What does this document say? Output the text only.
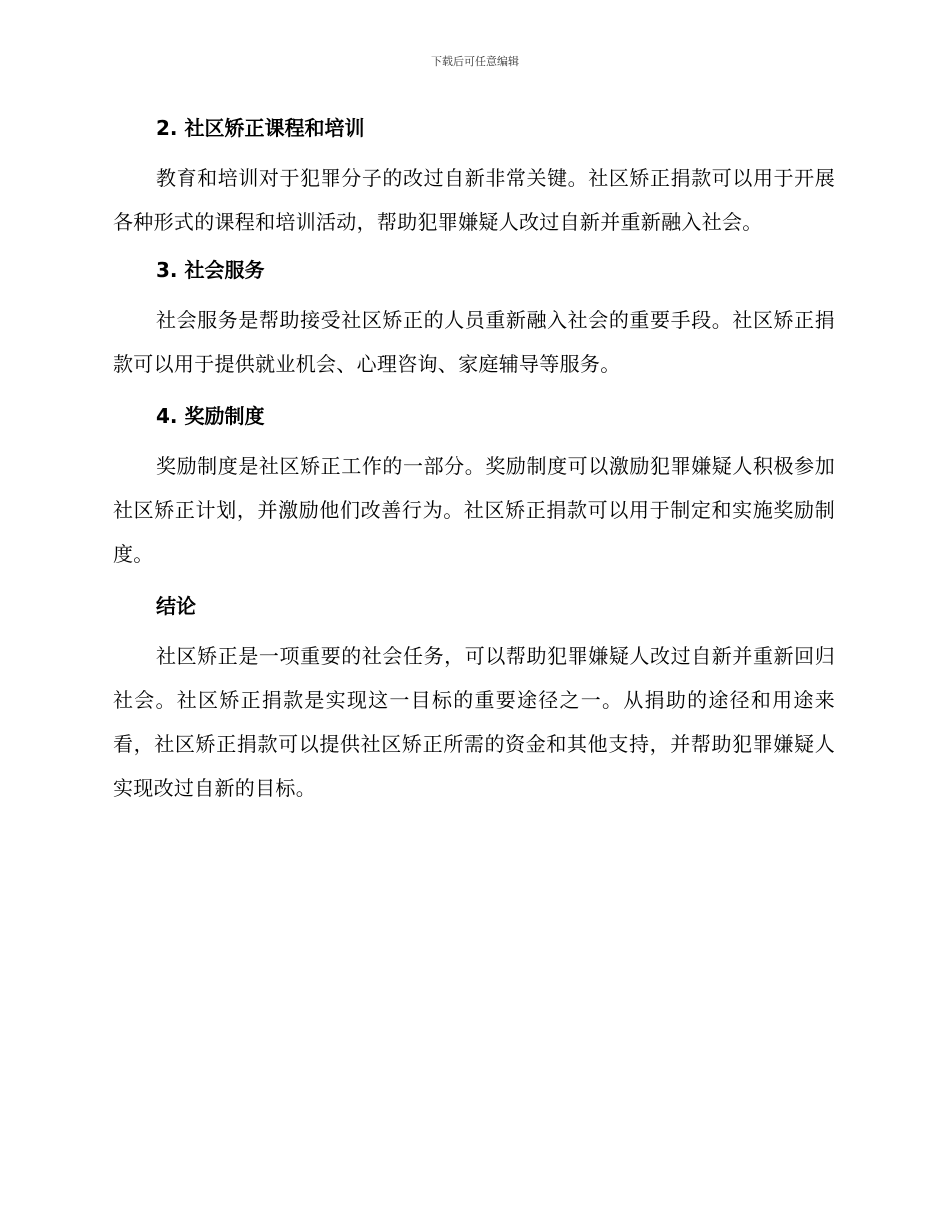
下载后可任意编辑
2. 社区矫正课程和培训

教育和培训对于犯罪分子的改过自新非常关键。社区矫正捐款可以用于开展各种形式的课程和培训活动，帮助犯罪嫌疑人改过自新并重新融入社会。

3. 社会服务

社会服务是帮助接受社区矫正的人员重新融入社会的重要手段。社区矫正捐款可以用于提供就业机会、心理咨询、家庭辅导等服务。

4. 奖励制度

奖励制度是社区矫正工作的一部分。奖励制度可以激励犯罪嫌疑人积极参加社区矫正计划，并激励他们改善行为。社区矫正捐款可以用于制定和实施奖励制度。

结论

社区矫正是一项重要的社会任务，可以帮助犯罪嫌疑人改过自新并重新回归社会。社区矫正捐款是实现这一目标的重要途径之一。从捐助的途径和用途来看，社区矫正捐款可以提供社区矫正所需的资金和其他支持，并帮助犯罪嫌疑人实现改过自新的目标。
